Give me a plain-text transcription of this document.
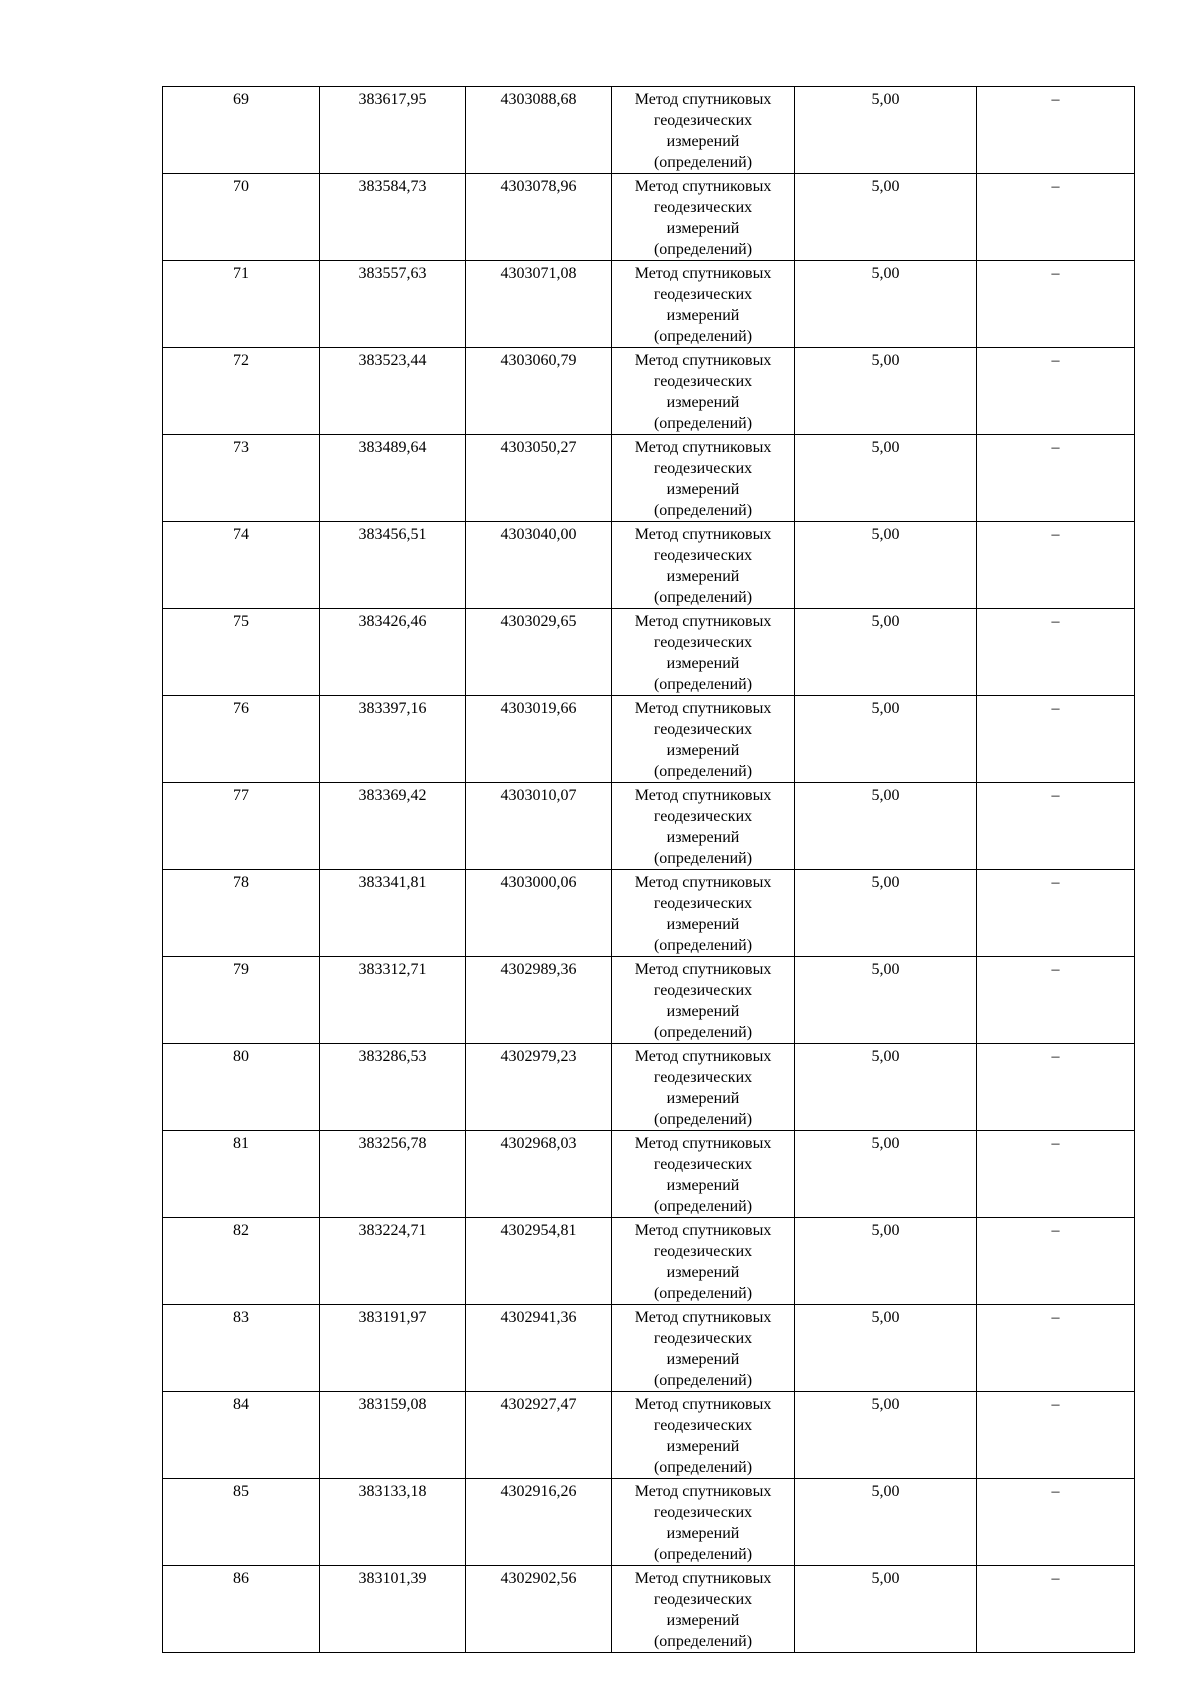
69	383617,95	4303088,68	Метод спутниковых
геодезических
измерений
(определений)	5,00	–
70	383584,73	4303078,96	Метод спутниковых
геодезических
измерений
(определений)	5,00	–
71	383557,63	4303071,08	Метод спутниковых
геодезических
измерений
(определений)	5,00	–
72	383523,44	4303060,79	Метод спутниковых
геодезических
измерений
(определений)	5,00	–
73	383489,64	4303050,27	Метод спутниковых
геодезических
измерений
(определений)	5,00	–
74	383456,51	4303040,00	Метод спутниковых
геодезических
измерений
(определений)	5,00	–
75	383426,46	4303029,65	Метод спутниковых
геодезических
измерений
(определений)	5,00	–
76	383397,16	4303019,66	Метод спутниковых
геодезических
измерений
(определений)	5,00	–
77	383369,42	4303010,07	Метод спутниковых
геодезических
измерений
(определений)	5,00	–
78	383341,81	4303000,06	Метод спутниковых
геодезических
измерений
(определений)	5,00	–
79	383312,71	4302989,36	Метод спутниковых
геодезических
измерений
(определений)	5,00	–
80	383286,53	4302979,23	Метод спутниковых
геодезических
измерений
(определений)	5,00	–
81	383256,78	4302968,03	Метод спутниковых
геодезических
измерений
(определений)	5,00	–
82	383224,71	4302954,81	Метод спутниковых
геодезических
измерений
(определений)	5,00	–
83	383191,97	4302941,36	Метод спутниковых
геодезических
измерений
(определений)	5,00	–
84	383159,08	4302927,47	Метод спутниковых
геодезических
измерений
(определений)	5,00	–
85	383133,18	4302916,26	Метод спутниковых
геодезических
измерений
(определений)	5,00	–
86	383101,39	4302902,56	Метод спутниковых
геодезических
измерений
(определений)	5,00	–
